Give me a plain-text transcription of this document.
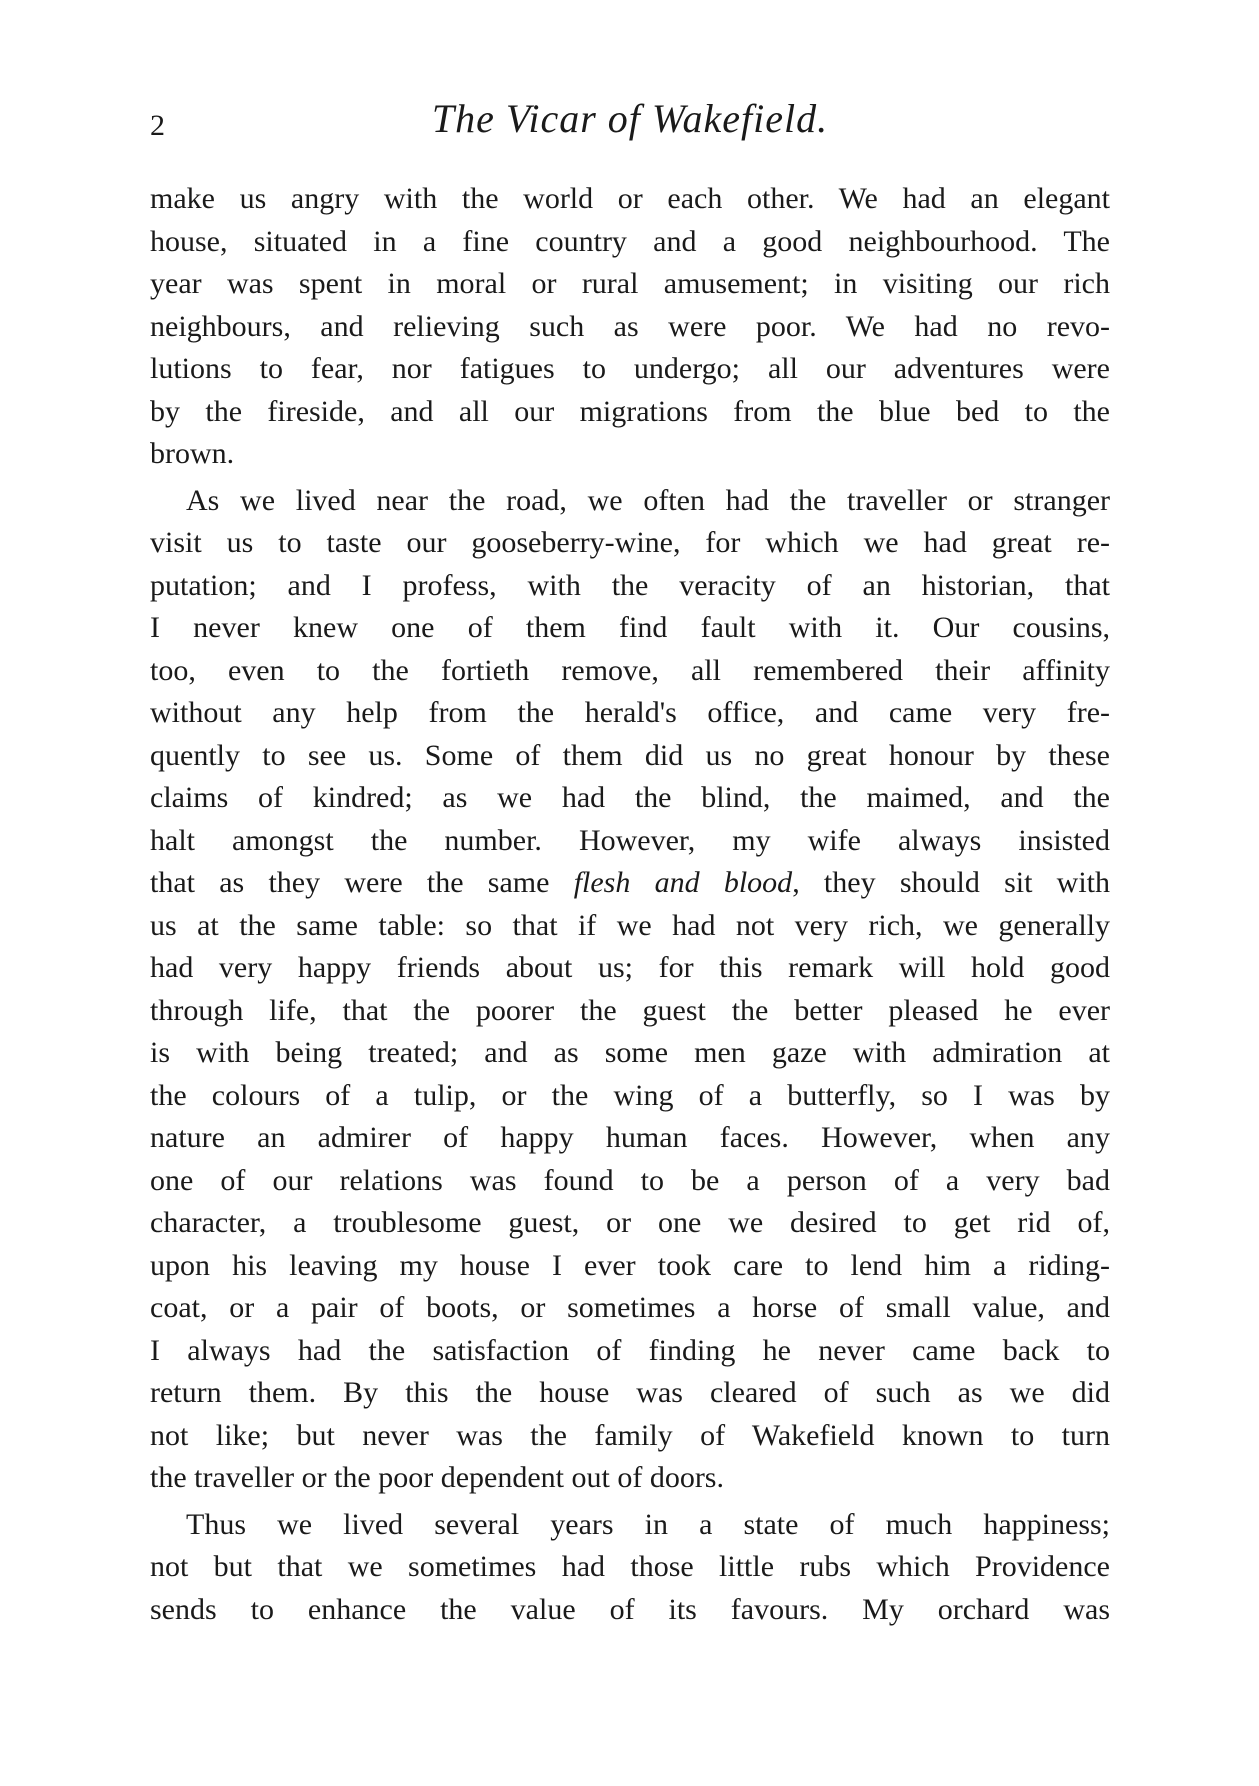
2	The Vicar of Wakefield.
make us angry with the world or each other. We had an elegant
house, situated in a fine country and a good neighbourhood. The
year was spent in moral or rural amusement; in visiting our rich
neighbours, and relieving such as were poor. We had no revo-
lutions to fear, nor fatigues to undergo; all our adventures were
by the fireside, and all our migrations from the blue bed to the
brown.
As we lived near the road, we often had the traveller or stranger
visit us to taste our gooseberry-wine, for which we had great re-
putation; and I profess, with the veracity of an historian, that
I never knew one of them find fault with it. Our cousins,
too, even to the fortieth remove, all remembered their affinity
without any help from the herald's office, and came very fre-
quently to see us. Some of them did us no great honour by these
claims of kindred; as we had the blind, the maimed, and the
halt amongst the number. However, my wife always insisted
that as they were the same flesh and blood, they should sit with
us at the same table: so that if we had not very rich, we generally
had very happy friends about us; for this remark will hold good
through life, that the poorer the guest the better pleased he ever
is with being treated; and as some men gaze with admiration at
the colours of a tulip, or the wing of a butterfly, so I was by
nature an admirer of happy human faces. However, when any
one of our relations was found to be a person of a very bad
character, a troublesome guest, or one we desired to get rid of,
upon his leaving my house I ever took care to lend him a riding-
coat, or a pair of boots, or sometimes a horse of small value, and
I always had the satisfaction of finding he never came back to
return them. By this the house was cleared of such as we did
not like; but never was the family of Wakefield known to turn
the traveller or the poor dependent out of doors.
Thus we lived several years in a state of much happiness;
not but that we sometimes had those little rubs which Providence
sends to enhance the value of its favours. My orchard was
